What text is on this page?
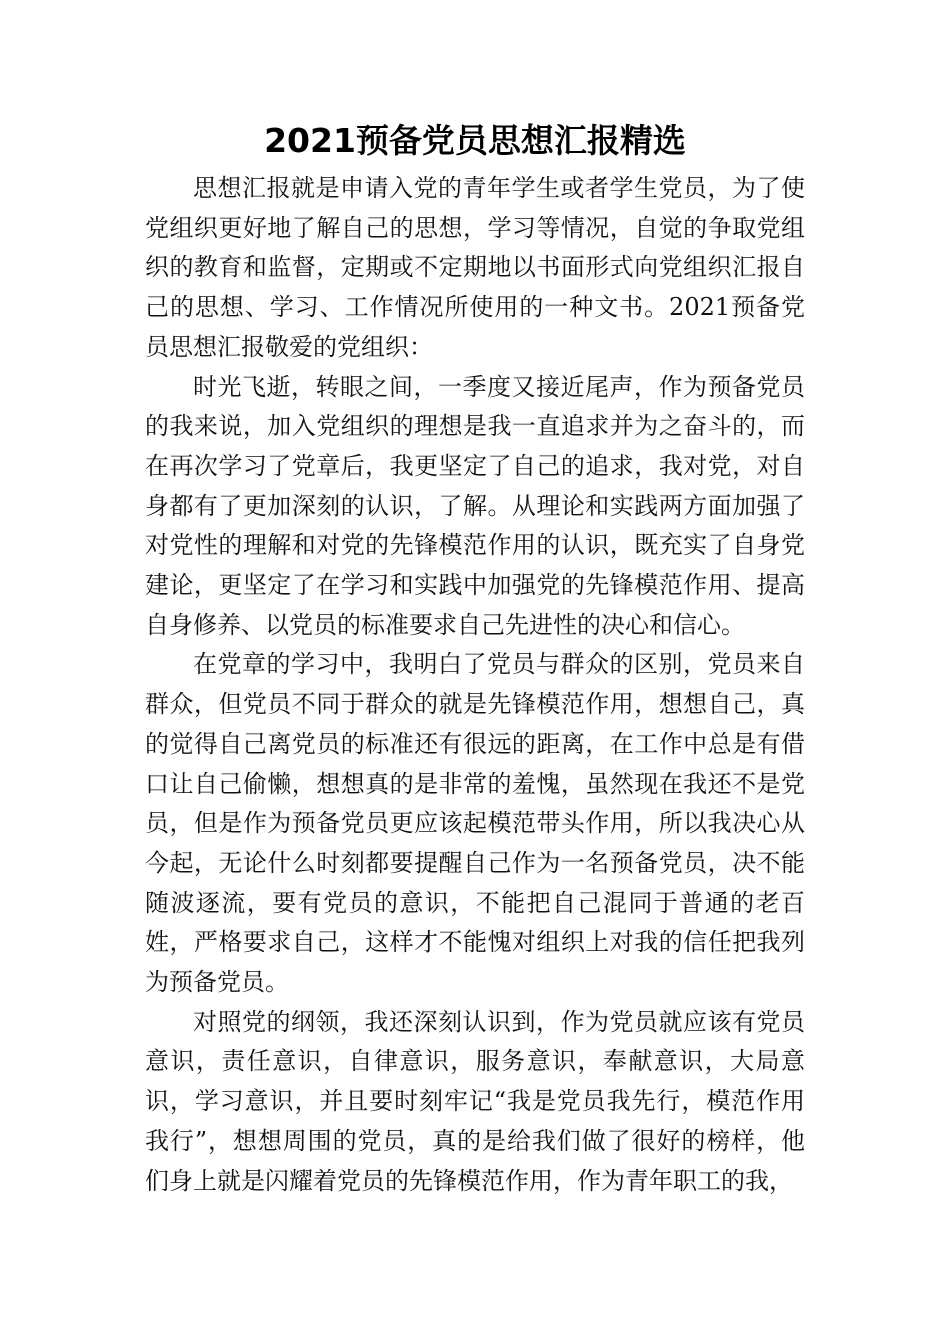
2021预备党员思想汇报精选

思想汇报就是申请入党的青年学生或者学生党员，为了使党组织更好地了解自己的思想，学习等情况，自觉的争取党组织的教育和监督，定期或不定期地以书面形式向党组织汇报自己的思想、学习、工作情况所使用的一种文书。2021预备党员思想汇报敬爱的党组织：

时光飞逝，转眼之间，一季度又接近尾声，作为预备党员的我来说，加入党组织的理想是我一直追求并为之奋斗的，而在再次学习了党章后，我更坚定了自己的追求，我对党，对自身都有了更加深刻的认识，了解。从理论和实践两方面加强了对党性的理解和对党的先锋模范作用的认识，既充实了自身党建论，更坚定了在学习和实践中加强党的先锋模范作用、提高自身修养、以党员的标准要求自己先进性的决心和信心。

在党章的学习中，我明白了党员与群众的区别，党员来自群众，但党员不同于群众的就是先锋模范作用，想想自己，真的觉得自己离党员的标准还有很远的距离，在工作中总是有借口让自己偷懒，想想真的是非常的羞愧，虽然现在我还不是党员，但是作为预备党员更应该起模范带头作用，所以我决心从今起，无论什么时刻都要提醒自己作为一名预备党员，决不能随波逐流，要有党员的意识，不能把自己混同于普通的老百姓，严格要求自己，这样才不能愧对组织上对我的信任把我列为预备党员。

对照党的纲领，我还深刻认识到，作为党员就应该有党员意识，责任意识，自律意识，服务意识，奉献意识，大局意识，学习意识，并且要时刻牢记“我是党员我先行，模范作用我行”，想想周围的党员，真的是给我们做了很好的榜样，他们身上就是闪耀着党员的先锋模范作用，作为青年职工的我，
